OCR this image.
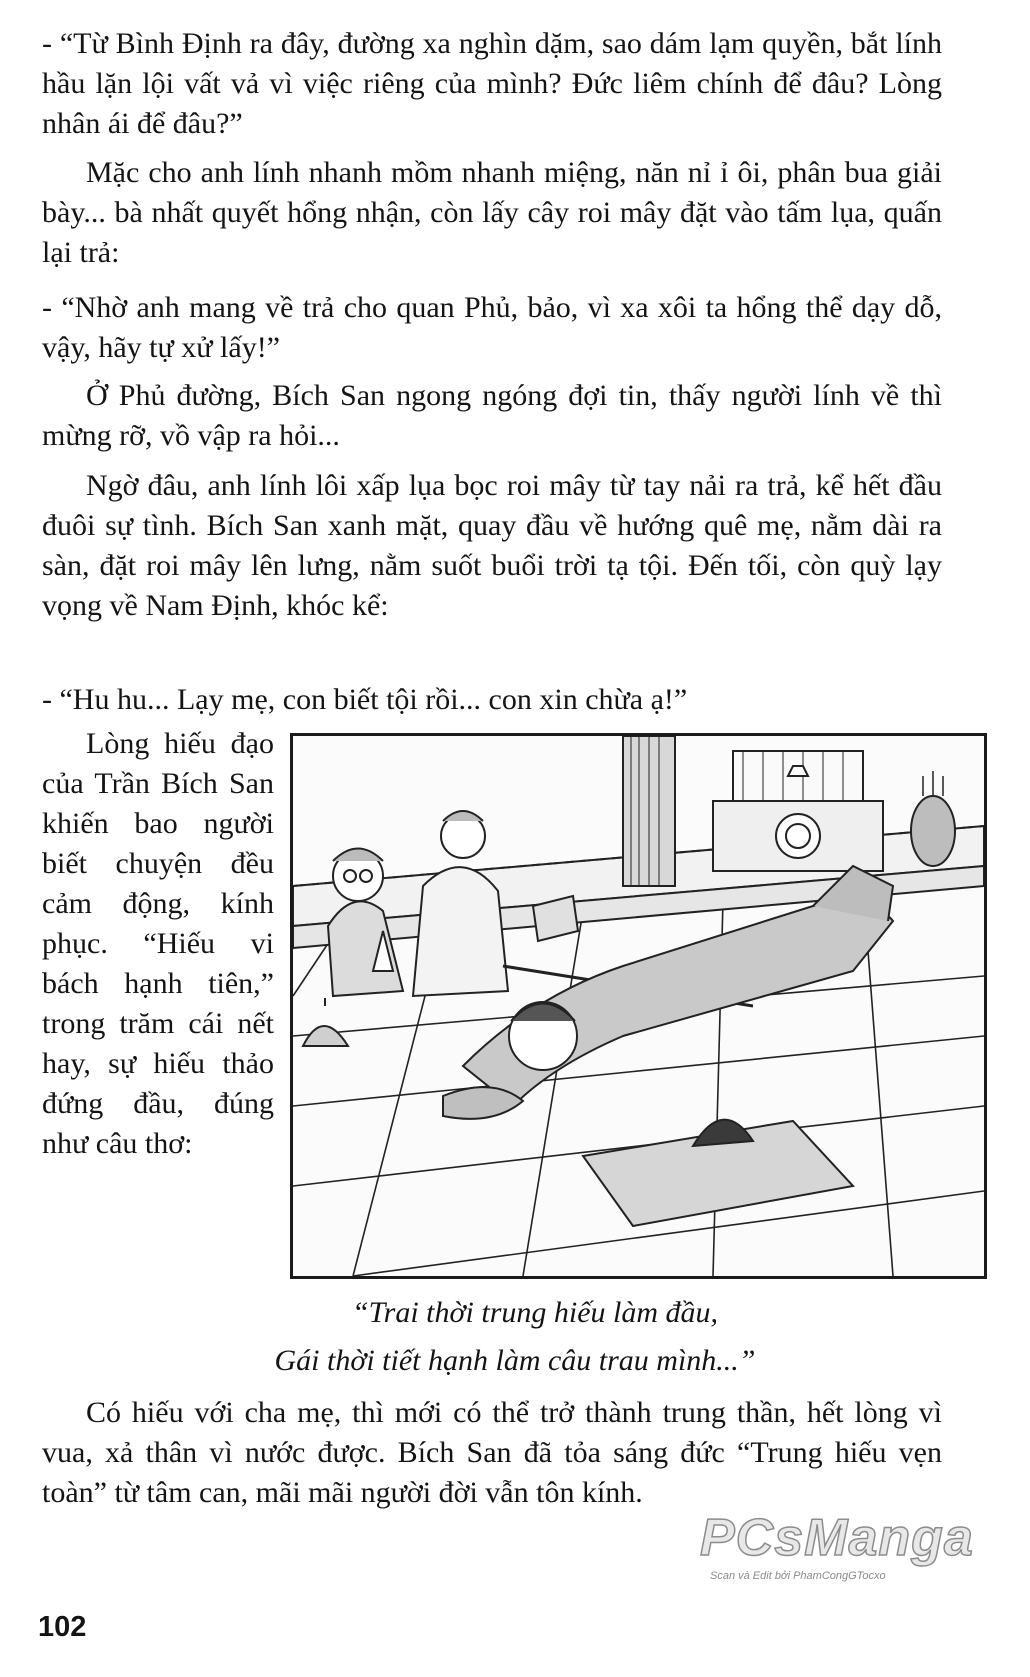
- “Từ Bình Định ra đây, đường xa nghìn dặm, sao dám lạm quyền, bắt lính hầu lặn lội vất vả vì việc riêng của mình? Đức liêm chính để đâu? Lòng nhân ái để đâu?”

Mặc cho anh lính nhanh mồm nhanh miệng, năn nỉ ỉ ôi, phân bua giải bày... bà nhất quyết hổng nhận, còn lấy cây roi mây đặt vào tấm lụa, quấn lại trả:

- “Nhờ anh mang về trả cho quan Phủ, bảo, vì xa xôi ta hổng thể dạy dỗ, vậy, hãy tự xử lấy!”

Ở Phủ đường, Bích San ngong ngóng đợi tin, thấy người lính về thì mừng rỡ, vồ vập ra hỏi...

Ngờ đâu, anh lính lôi xấp lụa bọc roi mây từ tay nải ra trả, kể hết đầu đuôi sự tình. Bích San xanh mặt, quay đầu về hướng quê mẹ, nằm dài ra sàn, đặt roi mây lên lưng, nằm suốt buổi trời tạ tội. Đến tối, còn quỳ lạy vọng về Nam Định, khóc kể:

- “Hu hu... Lạy mẹ, con biết tội rồi... con xin chừa ạ!”

Lòng hiếu đạo của Trần Bích San khiến bao người biết chuyện đều cảm động, kính phục. “Hiếu vi bách hạnh tiên,” trong trăm cái nết hay, sự hiếu thảo đứng đầu, đúng như câu thơ:

“Trai thời trung hiếu làm đầu,

Gái thời tiết hạnh làm câu trau mình...”

Có hiếu với cha mẹ, thì mới có thể trở thành trung thần, hết lòng vì vua, xả thân vì nước được. Bích San đã tỏa sáng đức “Trung hiếu vẹn toàn” từ tâm can, mãi mãi người đời vẫn tôn kính.

102
PCsManga
Scan và Edit bởi PhamCongGTocxo
